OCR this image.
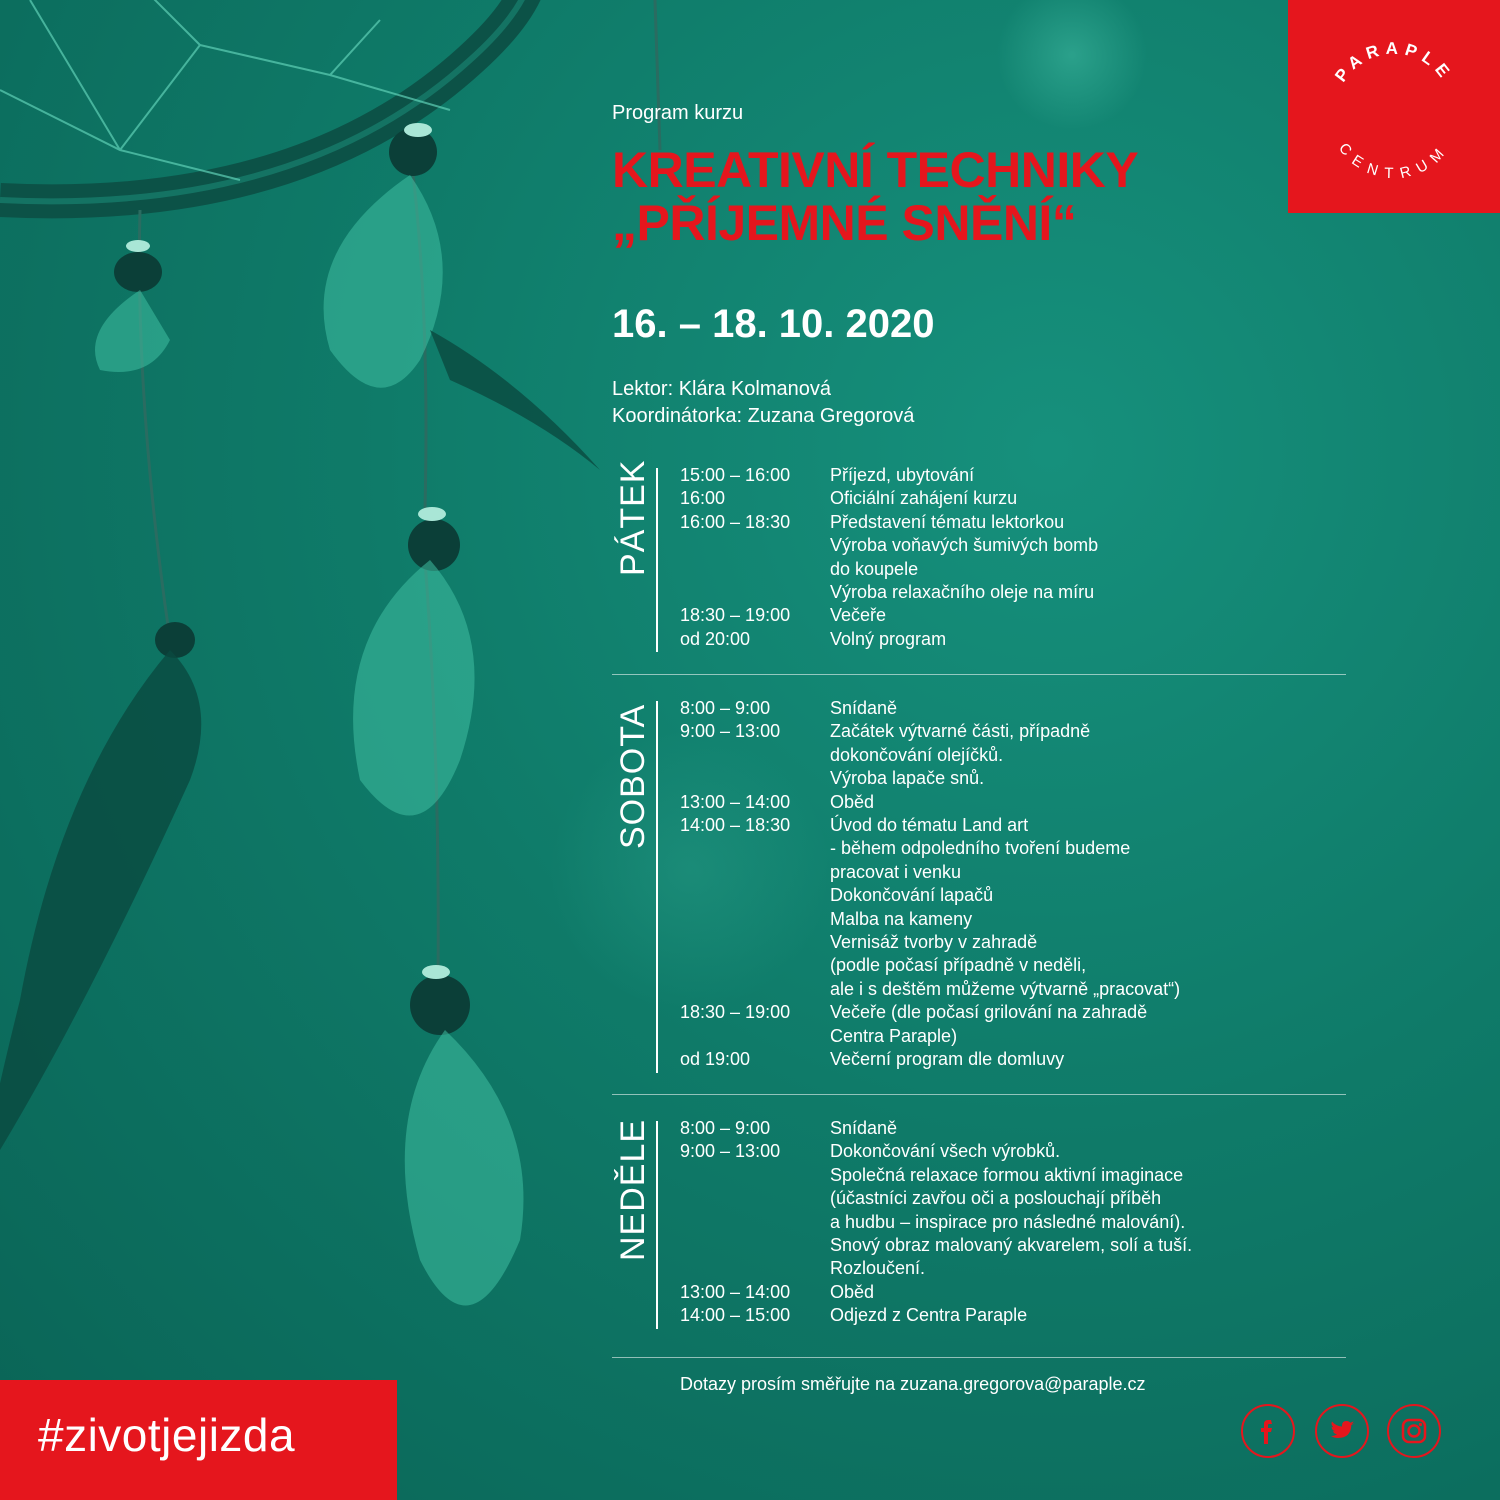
PARAPLE
CENTRUM
Program kurzu
KREATIVNÍ TECHNIKY
„PŘÍJEMNÉ SNĚNÍ“
16. – 18. 10. 2020
Lektor: Klára Kolmanová
Koordinátorka: Zuzana Gregorová
PÁTEK 15:00 – 16:00	Příjezd, ubytování
16:00	Oficiální zahájení kurzu
16:00 – 18:30	Představení tématu lektorkou
Výroba voňavých šumivých bomb
do koupele
Výroba relaxačního oleje na míru
18:30 – 19:00	Večeře
od 20:00	Volný program
SOBOTA 8:00 – 9:00	Snídaně
9:00 – 13:00	Začátek výtvarné části, případně
dokončování olejíčků.
Výroba lapače snů.
13:00 – 14:00	Oběd
14:00 – 18:30	Úvod do tématu Land art
- během odpoledního tvoření budeme
pracovat i venku
Dokončování lapačů
Malba na kameny
Vernisáž tvorby v zahradě
(podle počasí případně v neděli,
ale i s deštěm můžeme výtvarně „pracovat“)
18:30 – 19:00	Večeře (dle počasí grilování na zahradě
Centra Paraple)
od 19:00	Večerní program dle domluvy
NEDĚLE 8:00 – 9:00	Snídaně
9:00 – 13:00	Dokončování všech výrobků.
Společná relaxace formou aktivní imaginace
(účastníci zavřou oči a poslouchají příběh
a hudbu – inspirace pro následné malování).
Snový obraz malovaný akvarelem, solí a tuší.
Rozloučení.
13:00 – 14:00	Oběd
14:00 – 15:00	Odjezd z Centra Paraple
Dotazy prosím směřujte na zuzana.gregorova@paraple.cz
#zivotjejizda
